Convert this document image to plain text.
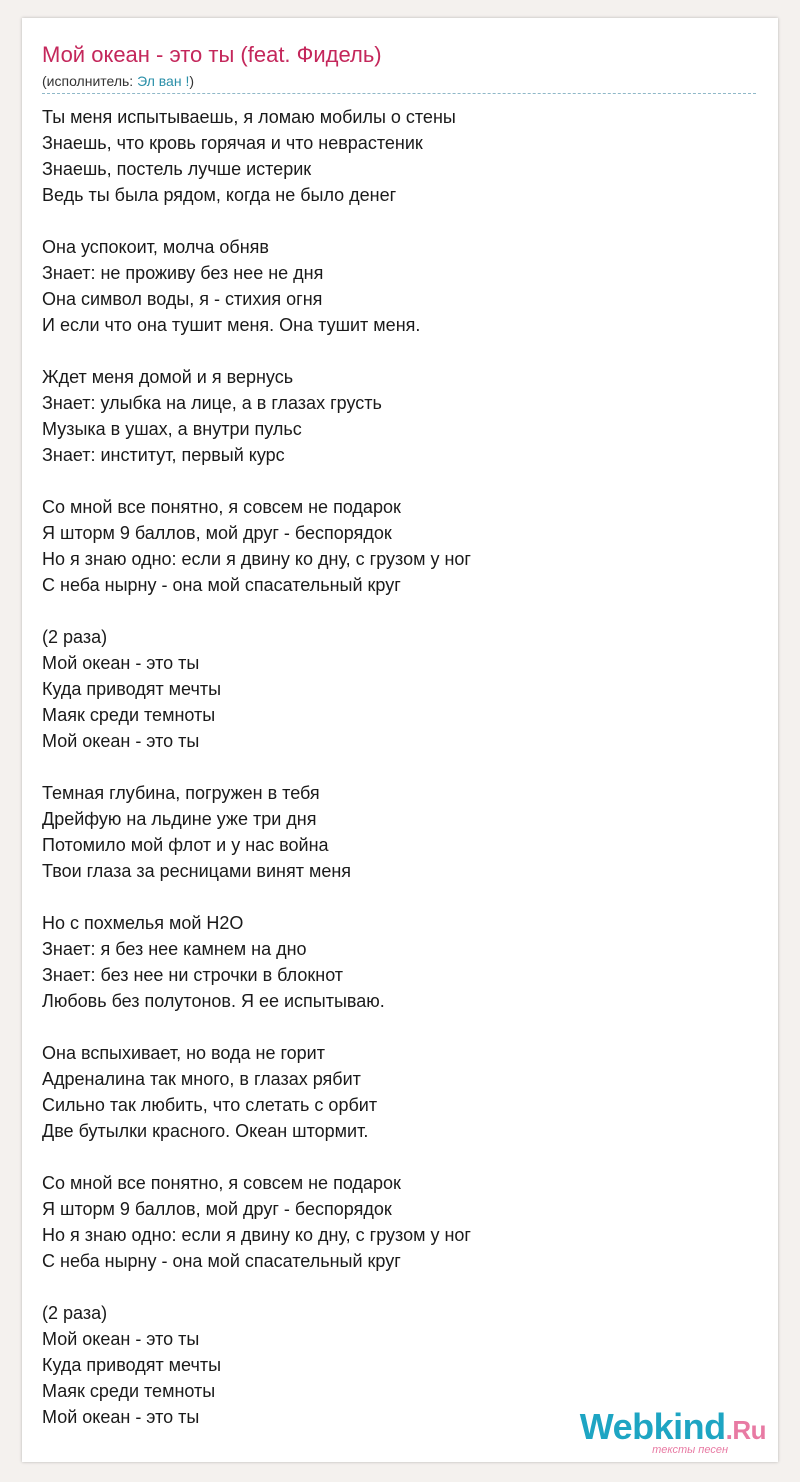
Мой океан - это ты (feat. Фидель)
(исполнитель: Эл ван !)
Ты меня испытываешь, я ломаю мобилы о стены
Знаешь, что кровь горячая и что неврастеник
Знаешь, постель лучше истерик
Ведь ты была рядом, когда не было денег
Она успокоит, молча обняв
Знает: не проживу без нее не дня
Она символ воды, я - стихия огня
И если что она тушит меня. Она тушит меня.
Ждет меня домой и я вернусь
Знает: улыбка на лице, а в глазах грусть
Музыка в ушах, а внутри пульс
Знает: институт, первый курс
Со мной все понятно, я совсем не подарок
Я шторм 9 баллов, мой друг - беспорядок
Но я знаю одно: если я двину ко дну, с грузом у ног
С неба нырну - она мой спасательный круг
(2 раза)
Мой океан - это ты
Куда приводят мечты
Маяк среди темноты
Мой океан - это ты
Темная глубина, погружен в тебя
Дрейфую на льдине уже три дня
Потомило мой флот и у нас война
Твои глаза за ресницами винят меня
Но с похмелья мой H2O
Знает: я без нее камнем на дно
Знает: без нее ни строчки в блокнот
Любовь без полутонов. Я ее испытываю.
Она вспыхивает, но вода не горит
Адреналина так много, в глазах рябит
Сильно так любить, что слетать с орбит
Две бутылки красного. Океан штормит.
Со мной все понятно, я совсем не подарок
Я шторм 9 баллов, мой друг - беспорядок
Но я знаю одно: если я двину ко дну, с грузом у ног
С неба нырну - она мой спасательный круг
(2 раза)
Мой океан - это ты
Куда приводят мечты
Маяк среди темноты
Мой океан - это ты	Webkind.Ru
тексты песен
